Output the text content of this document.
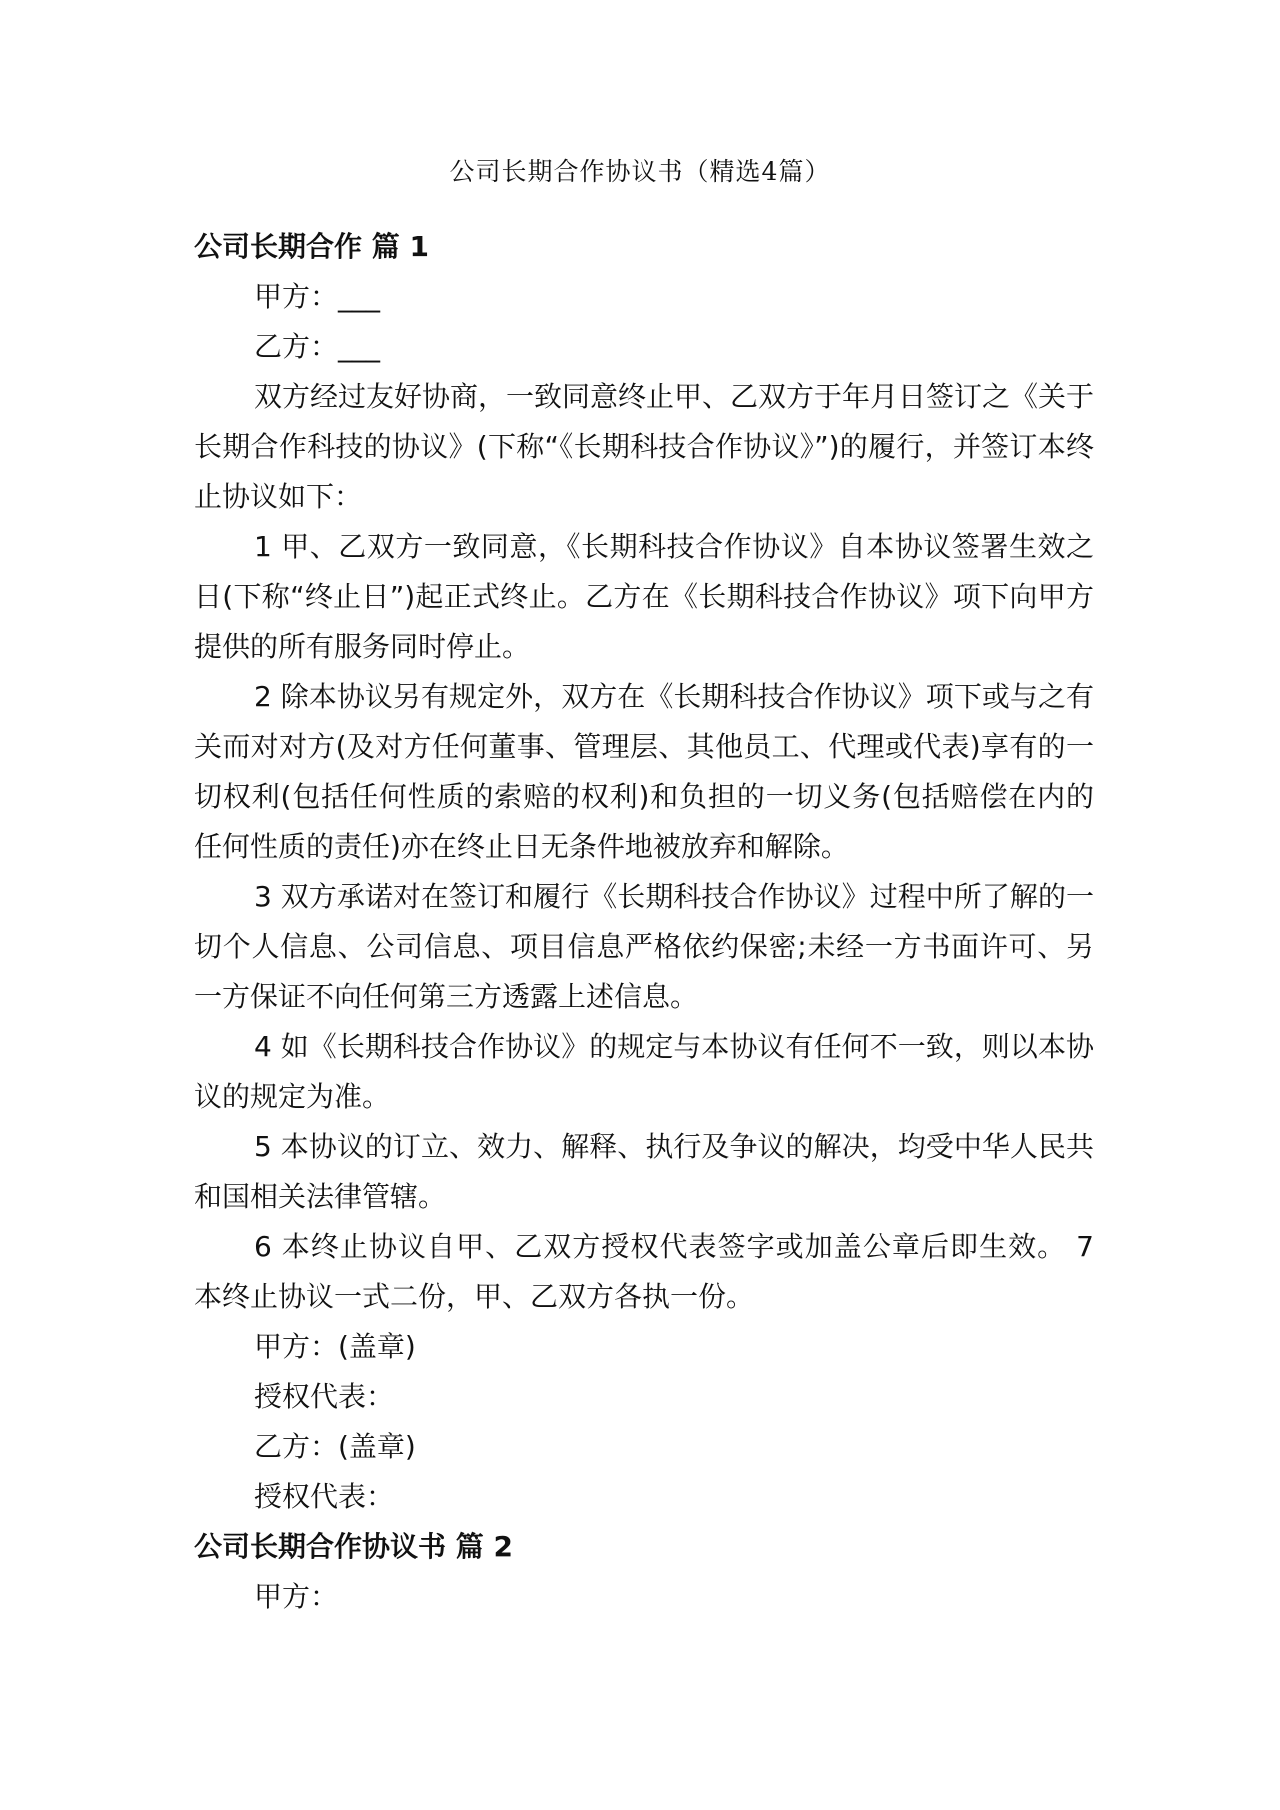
公司长期合作协议书（精选4篇）

公司长期合作 篇 1

甲方：___

乙方：___

双方经过友好协商，一致同意终止甲、乙双方于年月日签订之《关于长期合作科技的协议》(下称“《长期科技合作协议》”)的履行，并签订本终止协议如下：

1 甲、乙双方一致同意，《长期科技合作协议》自本协议签署生效之日(下称“终止日”)起正式终止。乙方在《长期科技合作协议》项下向甲方提供的所有服务同时停止。

2 除本协议另有规定外，双方在《长期科技合作协议》项下或与之有关而对对方(及对方任何董事、管理层、其他员工、代理或代表)享有的一切权利(包括任何性质的索赔的权利)和负担的一切义务(包括赔偿在内的任何性质的责任)亦在终止日无条件地被放弃和解除。

3 双方承诺对在签订和履行《长期科技合作协议》过程中所了解的一切个人信息、公司信息、项目信息严格依约保密;未经一方书面许可、另一方保证不向任何第三方透露上述信息。

4 如《长期科技合作协议》的规定与本协议有任何不一致，则以本协议的规定为准。

5 本协议的订立、效力、解释、执行及争议的解决，均受中华人民共和国相关法律管辖。

6 本终止协议自甲、乙双方授权代表签字或加盖公章后即生效。 7 本终止协议一式二份，甲、乙双方各执一份。

甲方：(盖章)

授权代表：

乙方：(盖章)

授权代表：

公司长期合作协议书 篇 2

甲方：
